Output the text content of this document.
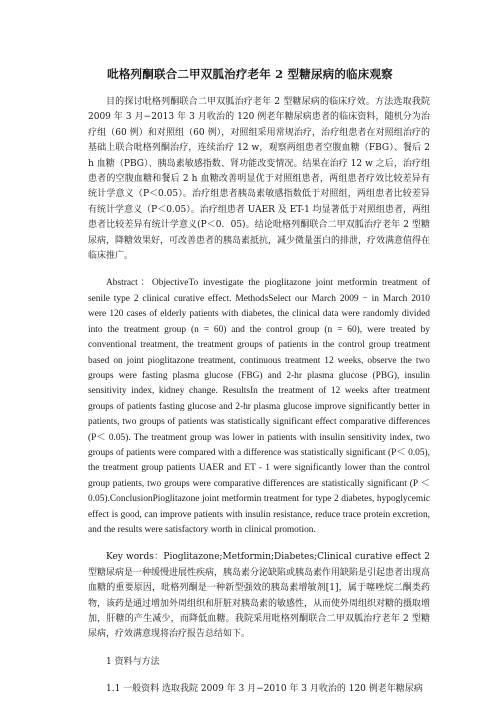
吡格列酮联合二甲双胍治疗老年 2 型糖尿病的临床观察

目的探讨吡格列酮联合二甲双胍治疗老年 2 型糖尿病的临床疗效。方法选取我院 2009 年 3 月−2013 年 3 月收治的 120 例老年糖尿病患者的临床资料，随机分为治疗组（60 例）和对照组（60 例），对照组采用常规治疗，治疗组患者在对照组治疗的基础上联合吡格列酮治疗，连续治疗 12 w，观察两组患者空腹血糖（FBG）、餐后 2 h 血糖（PBG）、胰岛素敏感指数、肾功能改变情况。结果在治疗 12 w 之后，治疗组患者的空腹血糖和餐后 2 h 血糖改善明显优于对照组患者，两组患者疗效比较差异有统计学意义（P＜0.05）。治疗组患者胰岛素敏感指数低于对照组，两组患者比较差异有统计学意义（P＜0.05）。治疗组患者 UAER 及 ET-1 均显著低于对照组患者，两组患者比较差异有统计学意义(P＜0．05)。结论吡格列酮联合二甲双胍治疗老年 2 型糖尿病，降糖效果好，可改善患者的胰岛素抵抗，减少微量蛋白的排泄，疗效满意值得在临床推广。

Abstract：ObjectiveTo investigate the pioglitazone joint metformin treatment of senile type 2 clinical curative effect. MethodsSelect our March 2009 − in March 2010 were 120 cases of elderly patients with diabetes, the clinical data were randomly divided into the treatment group (n = 60) and the control group (n = 60), were treated by conventional treatment, the treatment groups of patients in the control group treatment based on joint pioglitazone treatment, continuous treatment 12 weeks, observe the two groups were fasting plasma glucose (FBG) and 2-hr plasma glucose (PBG), insulin sensitivity index, kidney change. ResultsIn the treatment of 12 weeks after treatment groups of patients fasting glucose and 2-hr plasma glucose improve significantly better in patients, two groups of patients was statistically significant effect comparative differences (P＜ 0.05). The treatment group was lower in patients with insulin sensitivity index, two groups of patients were compared with a difference was statistically significant (P＜ 0.05), the treatment group patients UAER and ET - 1 were significantly lower than the control group patients, two groups were comparative differences are statistically significant (P ＜ 0.05).ConclusionPioglitazone joint metformin treatment for type 2 diabetes, hypoglycemic effect is good, can improve patients with insulin resistance, reduce trace protein excretion, and the results were satisfactory worth in clinical promotion.

Key words：Pioglitazone;Metformin;Diabetes;Clinical curative effect 2 型糖尿病是一种缓慢进展性疾病，胰岛素分泌缺陷或胰岛素作用缺陷是引起患者出现高血糖的重要原因，吡格列酮是一种新型强效的胰岛素增敏剂[1]，属于噻唑烷二酮类药物，该药是通过增加外周组织和肝脏对胰岛素的敏感性，从而使外周组织对糖的摄取增加，肝糖的产生减少，而降低血糖。我院采用吡格列酮联合二甲双胍治疗老年 2 型糖尿病，疗效满意现将治疗报告总结如下。

1 资料与方法

1.1 一般资料 选取我院 2009 年 3 月−2010 年 3 月收治的 120 例老年糖尿病
